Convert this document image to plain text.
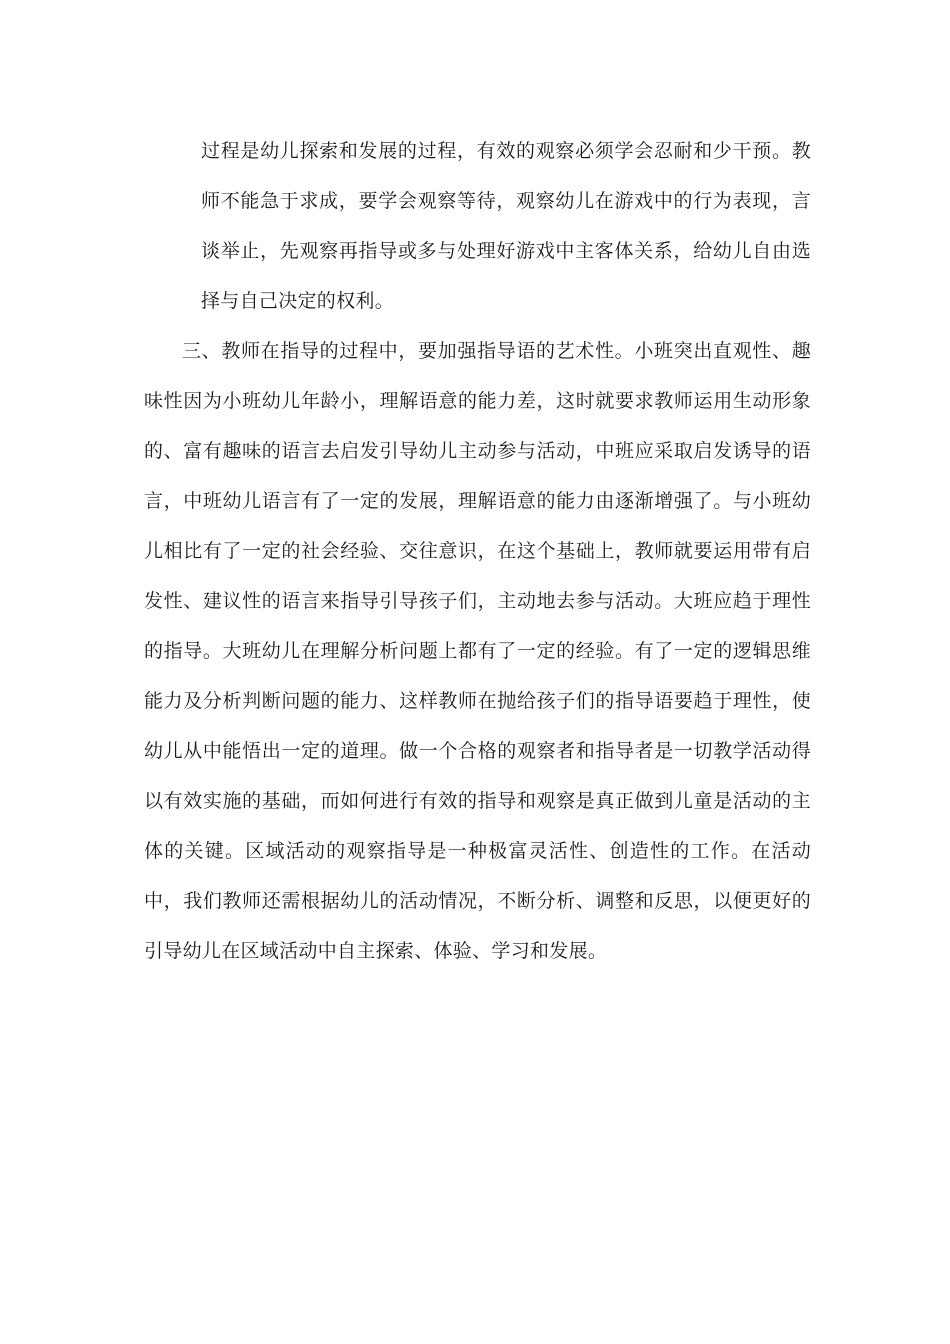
过程是幼儿探索和发展的过程，有效的观察必须学会忍耐和少干预。教师不能急于求成，要学会观察等待，观察幼儿在游戏中的行为表现，言谈举止，先观察再指导或多与处理好游戏中主客体关系，给幼儿自由选择与自己决定的权利。

三、教师在指导的过程中，要加强指导语的艺术性。小班突出直观性、趣味性因为小班幼儿年龄小，理解语意的能力差，这时就要求教师运用生动形象的、富有趣味的语言去启发引导幼儿主动参与活动，中班应采取启发诱导的语言，中班幼儿语言有了一定的发展，理解语意的能力由逐渐增强了。与小班幼儿相比有了一定的社会经验、交往意识，在这个基础上，教师就要运用带有启发性、建议性的语言来指导引导孩子们，主动地去参与活动。大班应趋于理性的指导。大班幼儿在理解分析问题上都有了一定的经验。有了一定的逻辑思维能力及分析判断问题的能力、这样教师在抛给孩子们的指导语要趋于理性，使幼儿从中能悟出一定的道理。做一个合格的观察者和指导者是一切教学活动得以有效实施的基础，而如何进行有效的指导和观察是真正做到儿童是活动的主体的关键。区域活动的观察指导是一种极富灵活性、创造性的工作。在活动中，我们教师还需根据幼儿的活动情况，不断分析、调整和反思，以便更好的引导幼儿在区域活动中自主探索、体验、学习和发展。
